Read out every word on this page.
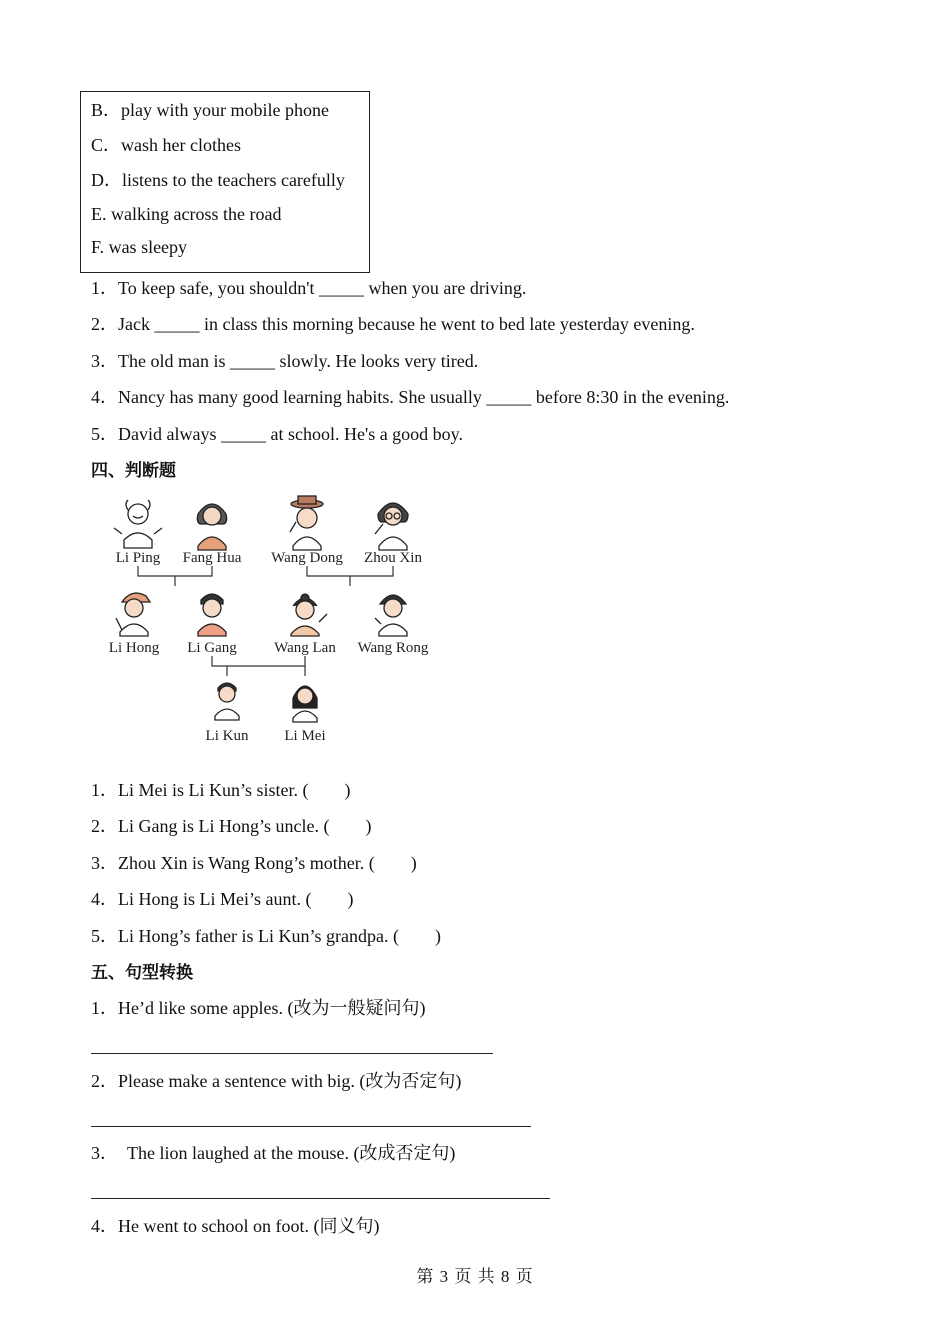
B．play with your mobile phone
C．wash her clothes
D．listens to the teachers carefully
E. walking across the road
F. was sleepy
1．To keep safe, you shouldn't _____ when you are driving.
2．Jack _____ in class this morning because he went to bed late yesterday evening.
3．The old man is _____ slowly. He looks very tired.
4．Nancy has many good learning habits. She usually _____ before 8:30 in the evening.
5．David always _____ at school. He's a good boy.
四、判断题
Li Ping Fang Hua Wang Dong Zhou Xin
Li Hong Li Gang Wang Lan Wang Rong
Li Kun Li Mei
1．Li Mei is Li Kun’s sister. (　　)
2．Li Gang is Li Hong’s uncle. (　　)
3．Zhou Xin is Wang Rong’s mother. (　　)
4．Li Hong is Li Mei’s aunt. (　　)
5．Li Hong’s father is Li Kun’s grandpa. (　　)
五、句型转换
1．He’d like some apples. (改为一般疑问句)
2．Please make a sentence with big. (改为否定句)
3．　The lion laughed at the mouse. (改成否定句)
4．He went to school on foot. (同义句)
第 3 页 共 8 页
